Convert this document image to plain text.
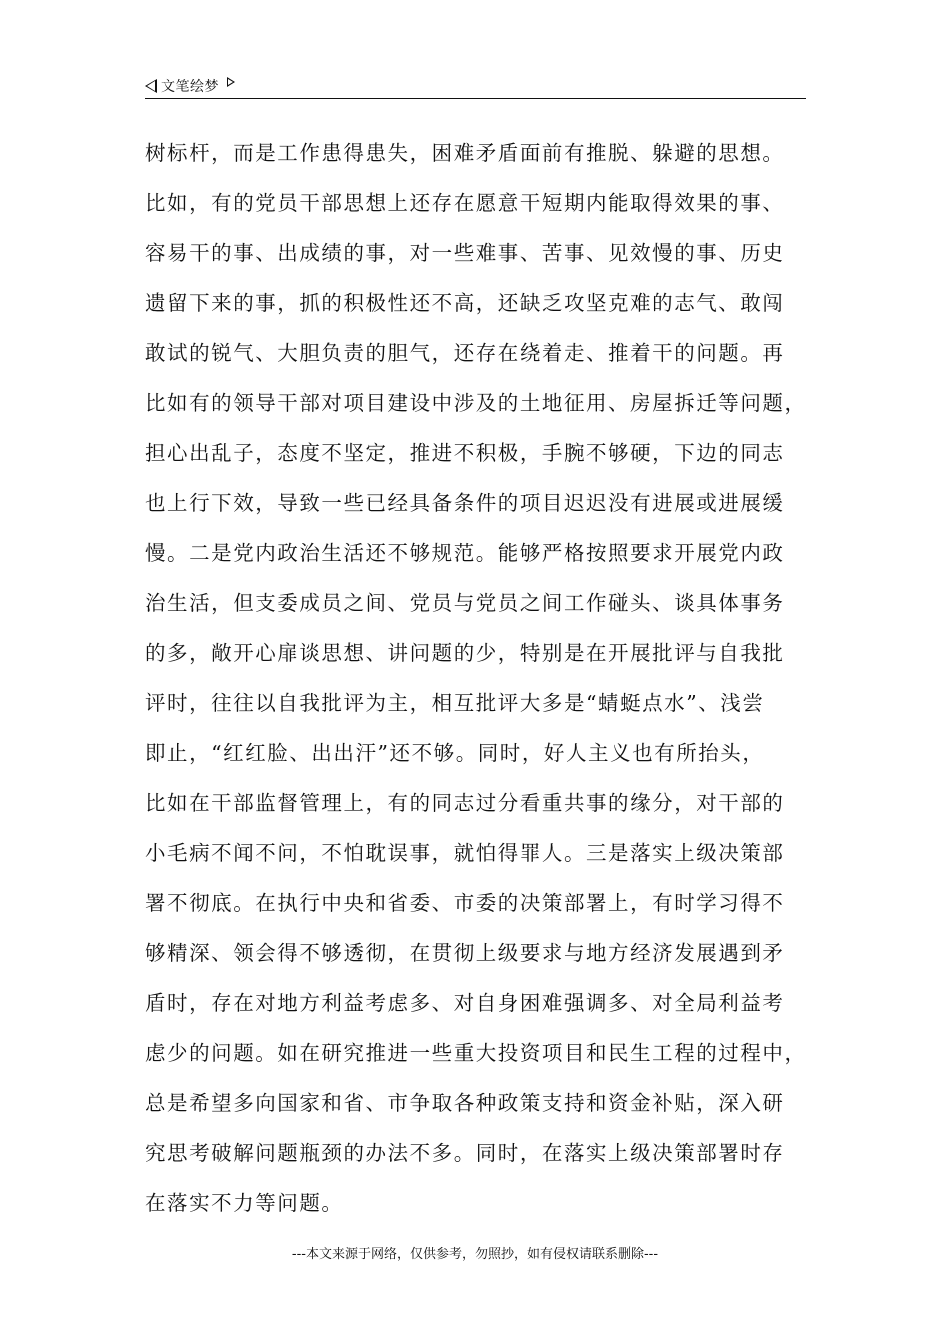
文笔绘梦
树标杆，而是工作患得患失，困难矛盾面前有推脱、躲避的思想。
比如，有的党员干部思想上还存在愿意干短期内能取得效果的事、
容易干的事、出成绩的事，对一些难事、苦事、见效慢的事、历史
遗留下来的事，抓的积极性还不高，还缺乏攻坚克难的志气、敢闯
敢试的锐气、大胆负责的胆气，还存在绕着走、推着干的问题。再
比如有的领导干部对项目建设中涉及的土地征用、房屋拆迁等问题，
担心出乱子，态度不坚定，推进不积极，手腕不够硬，下边的同志
也上行下效，导致一些已经具备条件的项目迟迟没有进展或进展缓
慢。二是党内政治生活还不够规范。能够严格按照要求开展党内政
治生活，但支委成员之间、党员与党员之间工作碰头、谈具体事务
的多，敞开心扉谈思想、讲问题的少，特别是在开展批评与自我批
评时，往往以自我批评为主，相互批评大多是“蜻蜓点水”、浅尝
即止，“红红脸、出出汗”还不够。同时，好人主义也有所抬头，
比如在干部监督管理上，有的同志过分看重共事的缘分，对干部的
小毛病不闻不问，不怕耽误事，就怕得罪人。三是落实上级决策部
署不彻底。在执行中央和省委、市委的决策部署上，有时学习得不
够精深、领会得不够透彻，在贯彻上级要求与地方经济发展遇到矛
盾时，存在对地方利益考虑多、对自身困难强调多、对全局利益考
虑少的问题。如在研究推进一些重大投资项目和民生工程的过程中，
总是希望多向国家和省、市争取各种政策支持和资金补贴，深入研
究思考破解问题瓶颈的办法不多。同时，在落实上级决策部署时存
在落实不力等问题。
---本文来源于网络，仅供参考，勿照抄，如有侵权请联系删除---
